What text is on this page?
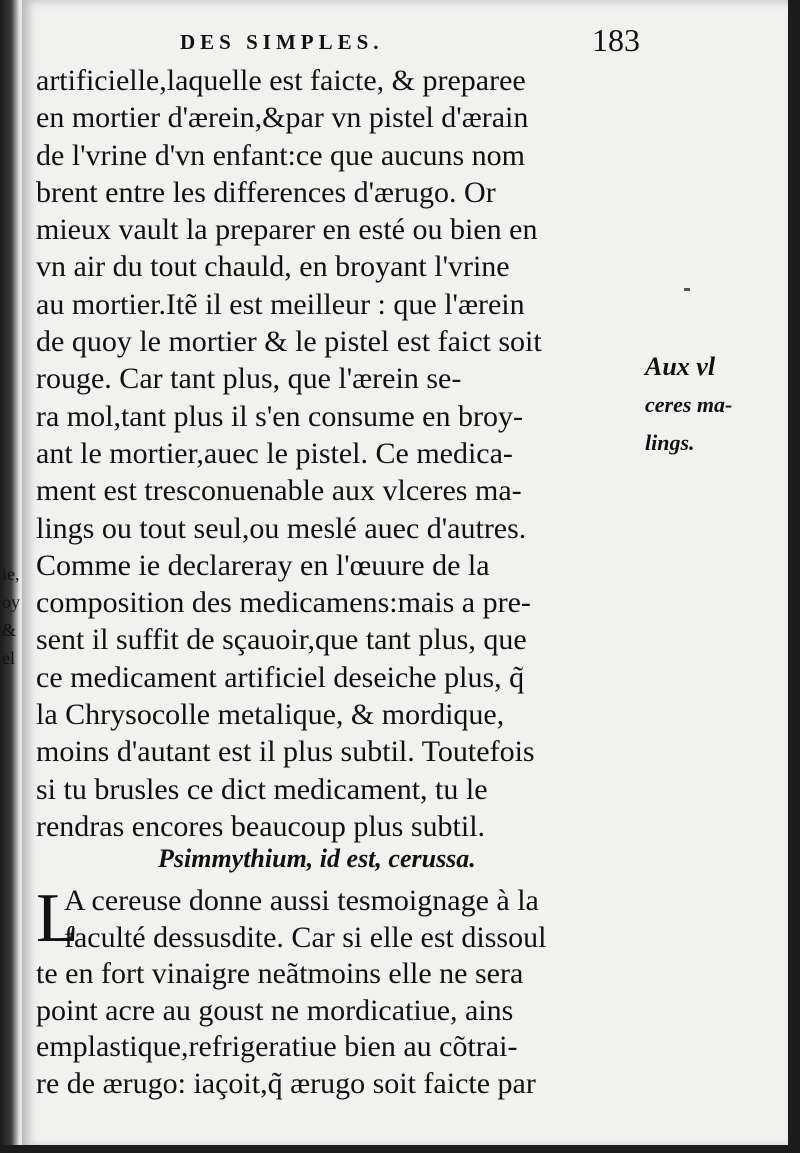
ie,
oy
&
el
DES SIMPLES.	183
artificielle,laquelle est faicte, & preparee
en mortier d'ærein,&par vn pistel d'ærain
de l'vrine d'vn enfant:ce que aucuns nom
brent entre les differences d'ærugo. Or
mieux vault la preparer en esté ou bien en
vn air du tout chauld, en broyant l'vrine
au mortier.Itẽ il est meilleur : que l'ærein
de quoy le mortier & le pistel est faict soit
rouge. Car tant plus, que l'ærein se-
ra mol,tant plus il s'en consume en broy-
ant le mortier,auec le pistel. Ce medica-
ment est tresconuenable aux vlceres ma-
lings ou tout seul,ou meslé auec d'autres.
Comme ie declareray en l'œuure de la
composition des medicamens:mais a pre-
sent il suffit de sçauoir,que tant plus, que
ce medicament artificiel deseiche plus, q̃
la Chrysocolle metalique, & mordique,
moins d'autant est il plus subtil. Toutefois
si tu brusles ce dict medicament, tu le
rendras encores beaucoup plus subtil.
Aux vl
ceres ma-
lings.
Psimmythium, id est, cerussa.
L
A cereuse donne aussi tesmoignage à la
faculté dessusdite. Car si elle est dissoul
te en fort vinaigre neãtmoins elle ne sera
point acre au goust ne mordicatiue, ains
emplastique,refrigeratiue bien au cõtrai-
re de ærugo: iaçoit,q̃ ærugo soit faicte par
